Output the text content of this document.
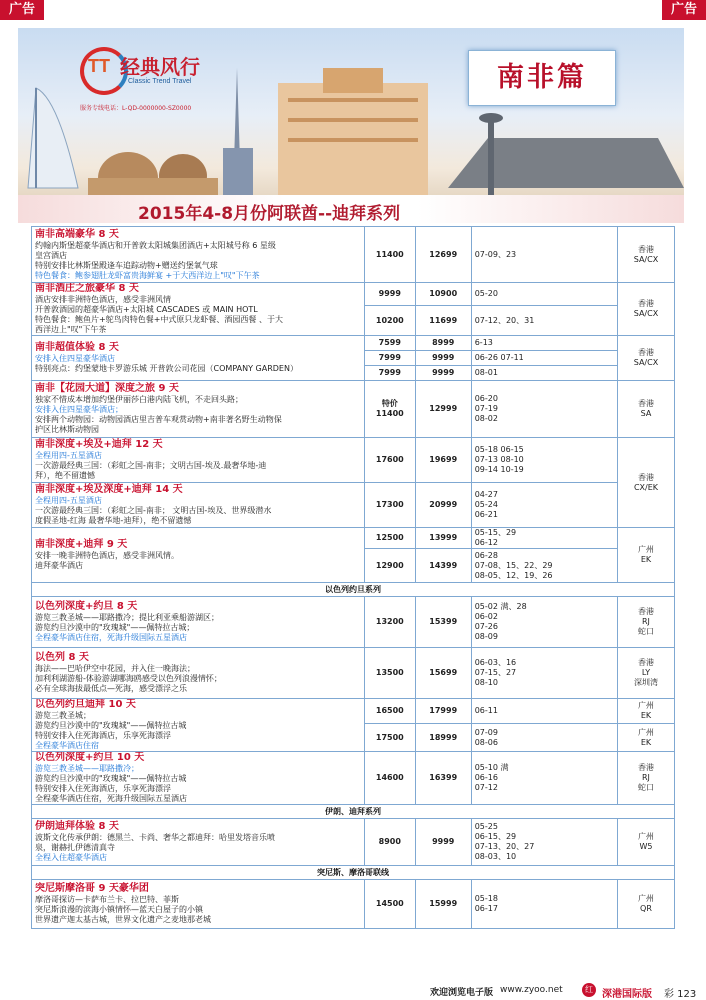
广告	广告
TT 经典风行
Classic Trend Travel
服务专线电话：L-QD-0000000-SZ0000
南非篇
2015年4-8月份阿联酋--迪拜系列
南非高端豪华 8 天
约翰内斯堡超豪华酒店和开普敦太阳城集团酒店+太阳城号称 6 星级
皇宫酒店
特别安排比林斯堡殿逢车追踪动物+赠送约堡氧气球
特色餐食：鲍参翅肚龙虾富贵海鲜宴 +于大西洋边上"叹"下午茶	11400	12699	07-09、23	香港
SA/CX

南非酒庄之旅豪华 8 天
酒店安排非洲特色酒店，感受非洲风情
开普敦酒园的超豪华酒店+太阳城 CASCADES 或 MAIN HOTL
特色餐食：鲍鱼片+鸵鸟肉特色餐+中式原只龙虾餐、酒园西餐 、于大
西洋边上"叹"下午茶	9999	10900	05-20	香港
SA/CX

	10200	11699	07-12、20、31	

南非超值体验 8 天
安排入住四星豪华酒店
特别亮点：约堡蒙地卡罗游乐城 开普敦公司花园（COMPANY GARDEN）	7599	8999	6-13	香港
SA/CX

	7999	9999	06-26 07-11	

	7999	9999	08-01	

南非【花园大道】深度之旅 9 天
独家不惜成本增加约堡伊丽莎白港内陆飞机，不走回头路；
安排入住四星豪华酒店；
安排两个动物园：动物园酒店里吉普车观赏动物+南非著名野生动物保
护区比林斯动物园	特价
11400	12999	06-20
07-19
08-02	香港
SA

南非深度+埃及+迪拜 12 天
全程用四-五星酒店
一次游最经典三国：（彩虹之国-南非；文明古国-埃及.最奢华地-迪
拜），绝不留遗憾	17600	19699	05-18 06-15
07-13 08-10
09-14 10-19	香港
CX/EK

南非深度+埃及深度+迪拜 14 天
全程用四-五星酒店
一次游最经典三国：（彩虹之国-南非； 文明古国-埃及、世界级潜水
度假圣地-红海 最奢华地-迪拜），绝不留遗憾	17300	20999	04-27
05-24
06-21	

南非深度+迪拜 9 天
安排一晚非洲特色酒店，感受非洲风情。
迪拜豪华酒店	12500	13999	05-15、29
06-12	广州
EK

	12900	14399	06-28
07-08、15、22、29
08-05、12、19、26	

以色列约旦系列				

以色列深度+约旦 8 天
游览三教圣城——耶路撒冷；提比利亚乘船游湖区；
游览约旦沙漠中的"玫瑰城"——佩特拉古城；
全程豪华酒店住宿，死海升级国际五星酒店	13200	15399	05-02 满、28
06-02
07-26
08-09	香港
RJ
蛇口

以色列 8 天
海法——巴哈伊空中花园，并入住一晚海法；
加利利湖游船-体验游湖哪海鸥感受以色列浪漫情怀；
必有全球海拔最低点—死海，感受漂浮之乐	13500	15699	06-03、16
07-15、27
08-10	香港
LY
深圳湾

以色列约旦迪拜 10 天
游览三教圣城；
游览约旦沙漠中的"玫瑰城"——佩特拉古城
特别安排入住死海酒店，乐享死海漂浮
全程豪华酒店住宿	16500	17999	06-11	广州
EK

	17500	18999	07-09
08-06	广州
EK

以色列深度+约旦 10 天
游览三教圣城——耶路撒冷；
游览约旦沙漠中的"玫瑰城"——佩特拉古城
特别安排入住死海酒店，乐享死海漂浮
全程豪华酒店住宿，死海升级国际五星酒店	14600	16399	05-10 满
06-16
07-12	香港
RJ
蛇口

伊朗、迪拜系列				

伊朗迪拜体验 8 天
波斯文化传承伊朗：德黑兰、卡尚、奢华之都迪拜：哈里发塔音乐喷
泉，谢赫扎伊德清真寺
全程入住超豪华酒店	8900	9999	05-25
06-15、29
07-13、20、27
08-03、10	广州
W5

突尼斯、摩洛哥联线				

突尼斯摩洛哥 9 天豪华团
摩洛哥探访—卡萨布兰卡、拉巴特、菲斯
突尼斯浪漫的滨海小镇情怀—蓝天白屋子的小镇
世界遗产迦太基古城，世界文化遗产之麦地那老城	14500	15999	05-18
06-17	广州
QR
欢迎浏览电子版 www.zyoo.net	红 深港国际版 彩 123
